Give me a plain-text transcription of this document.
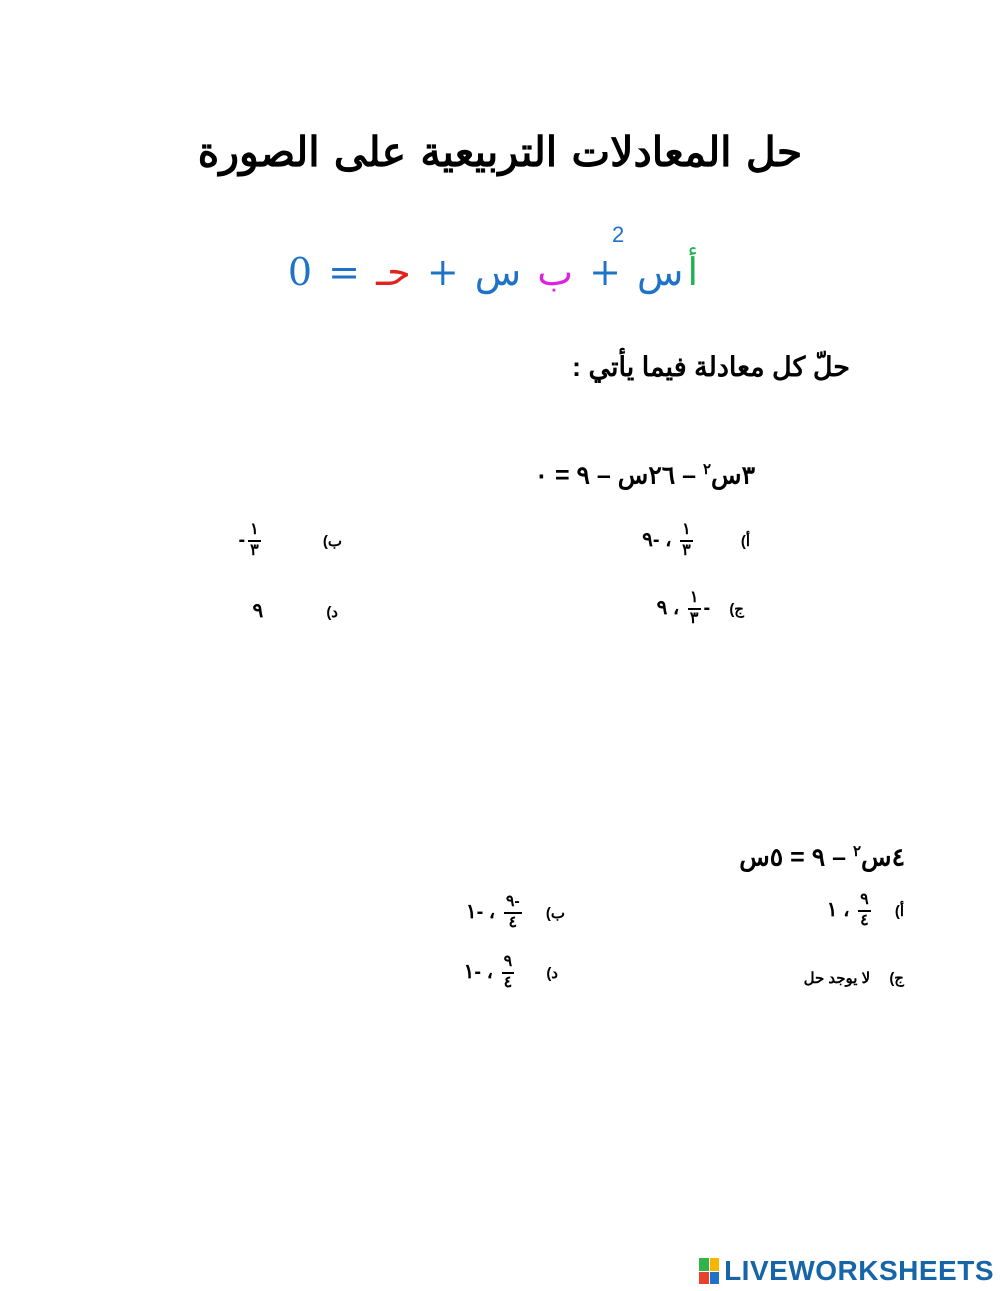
حل المعادلات التربيعية على الصورة
أس + ب س + حـ = 0
2
حلّ كل معادلة فيما يأتي :
٣س$^٢$ – ٢٦س – ٩ = ٠
أ)
$\frac{١}{٣}$
، -٩
ب)
$\frac{١}{٣}$
-
ج)  -
$\frac{١}{٣}$
، ٩
د)  ٩
٤س$^٢$ – ٩ = ٥س
أ)
$\frac{٩}{٤}$
، ١
ب)
$\frac{-٩}{٤}$
، -١
ج)  لا يوجد حل
د)
$\frac{٩}{٤}$
، -١
LIVEWORKSHEETS
